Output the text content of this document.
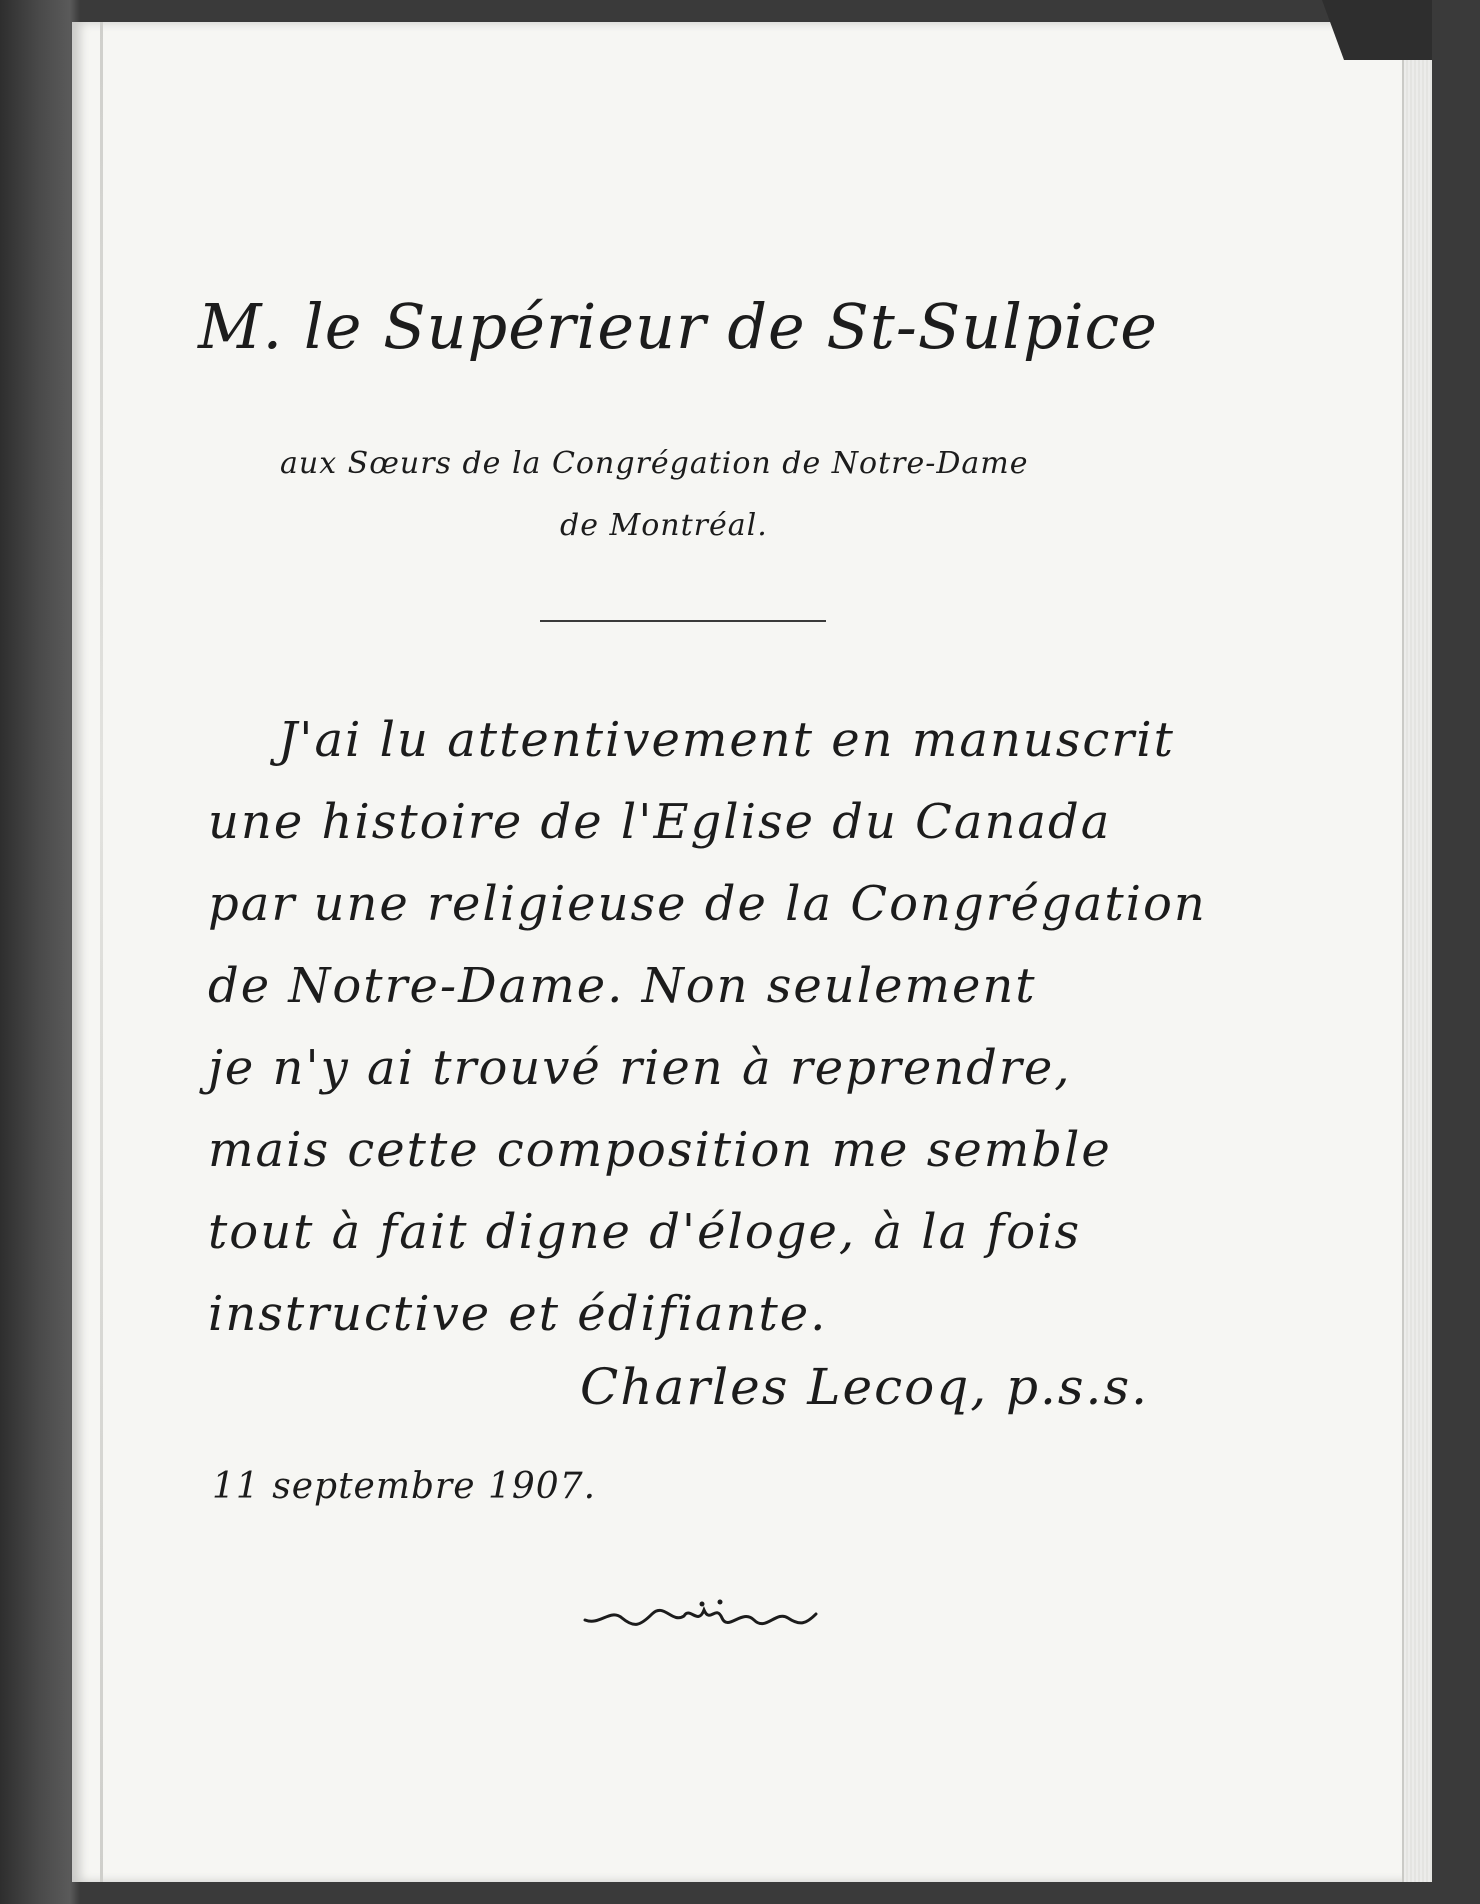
M. le Supérieur de St-Sulpice
aux Sœurs de la Congrégation de Notre-Dame
de Montréal.
J'ai lu attentivement en manuscrit
une histoire de l'Eglise du Canada
par une religieuse de la Congrégation
de Notre-Dame. Non seulement
je n'y ai trouvé rien à reprendre,
mais cette composition me semble
tout à fait digne d'éloge, à la fois
instructive et édifiante.
Charles Lecoq, p.s.s.
11 septembre 1907.
